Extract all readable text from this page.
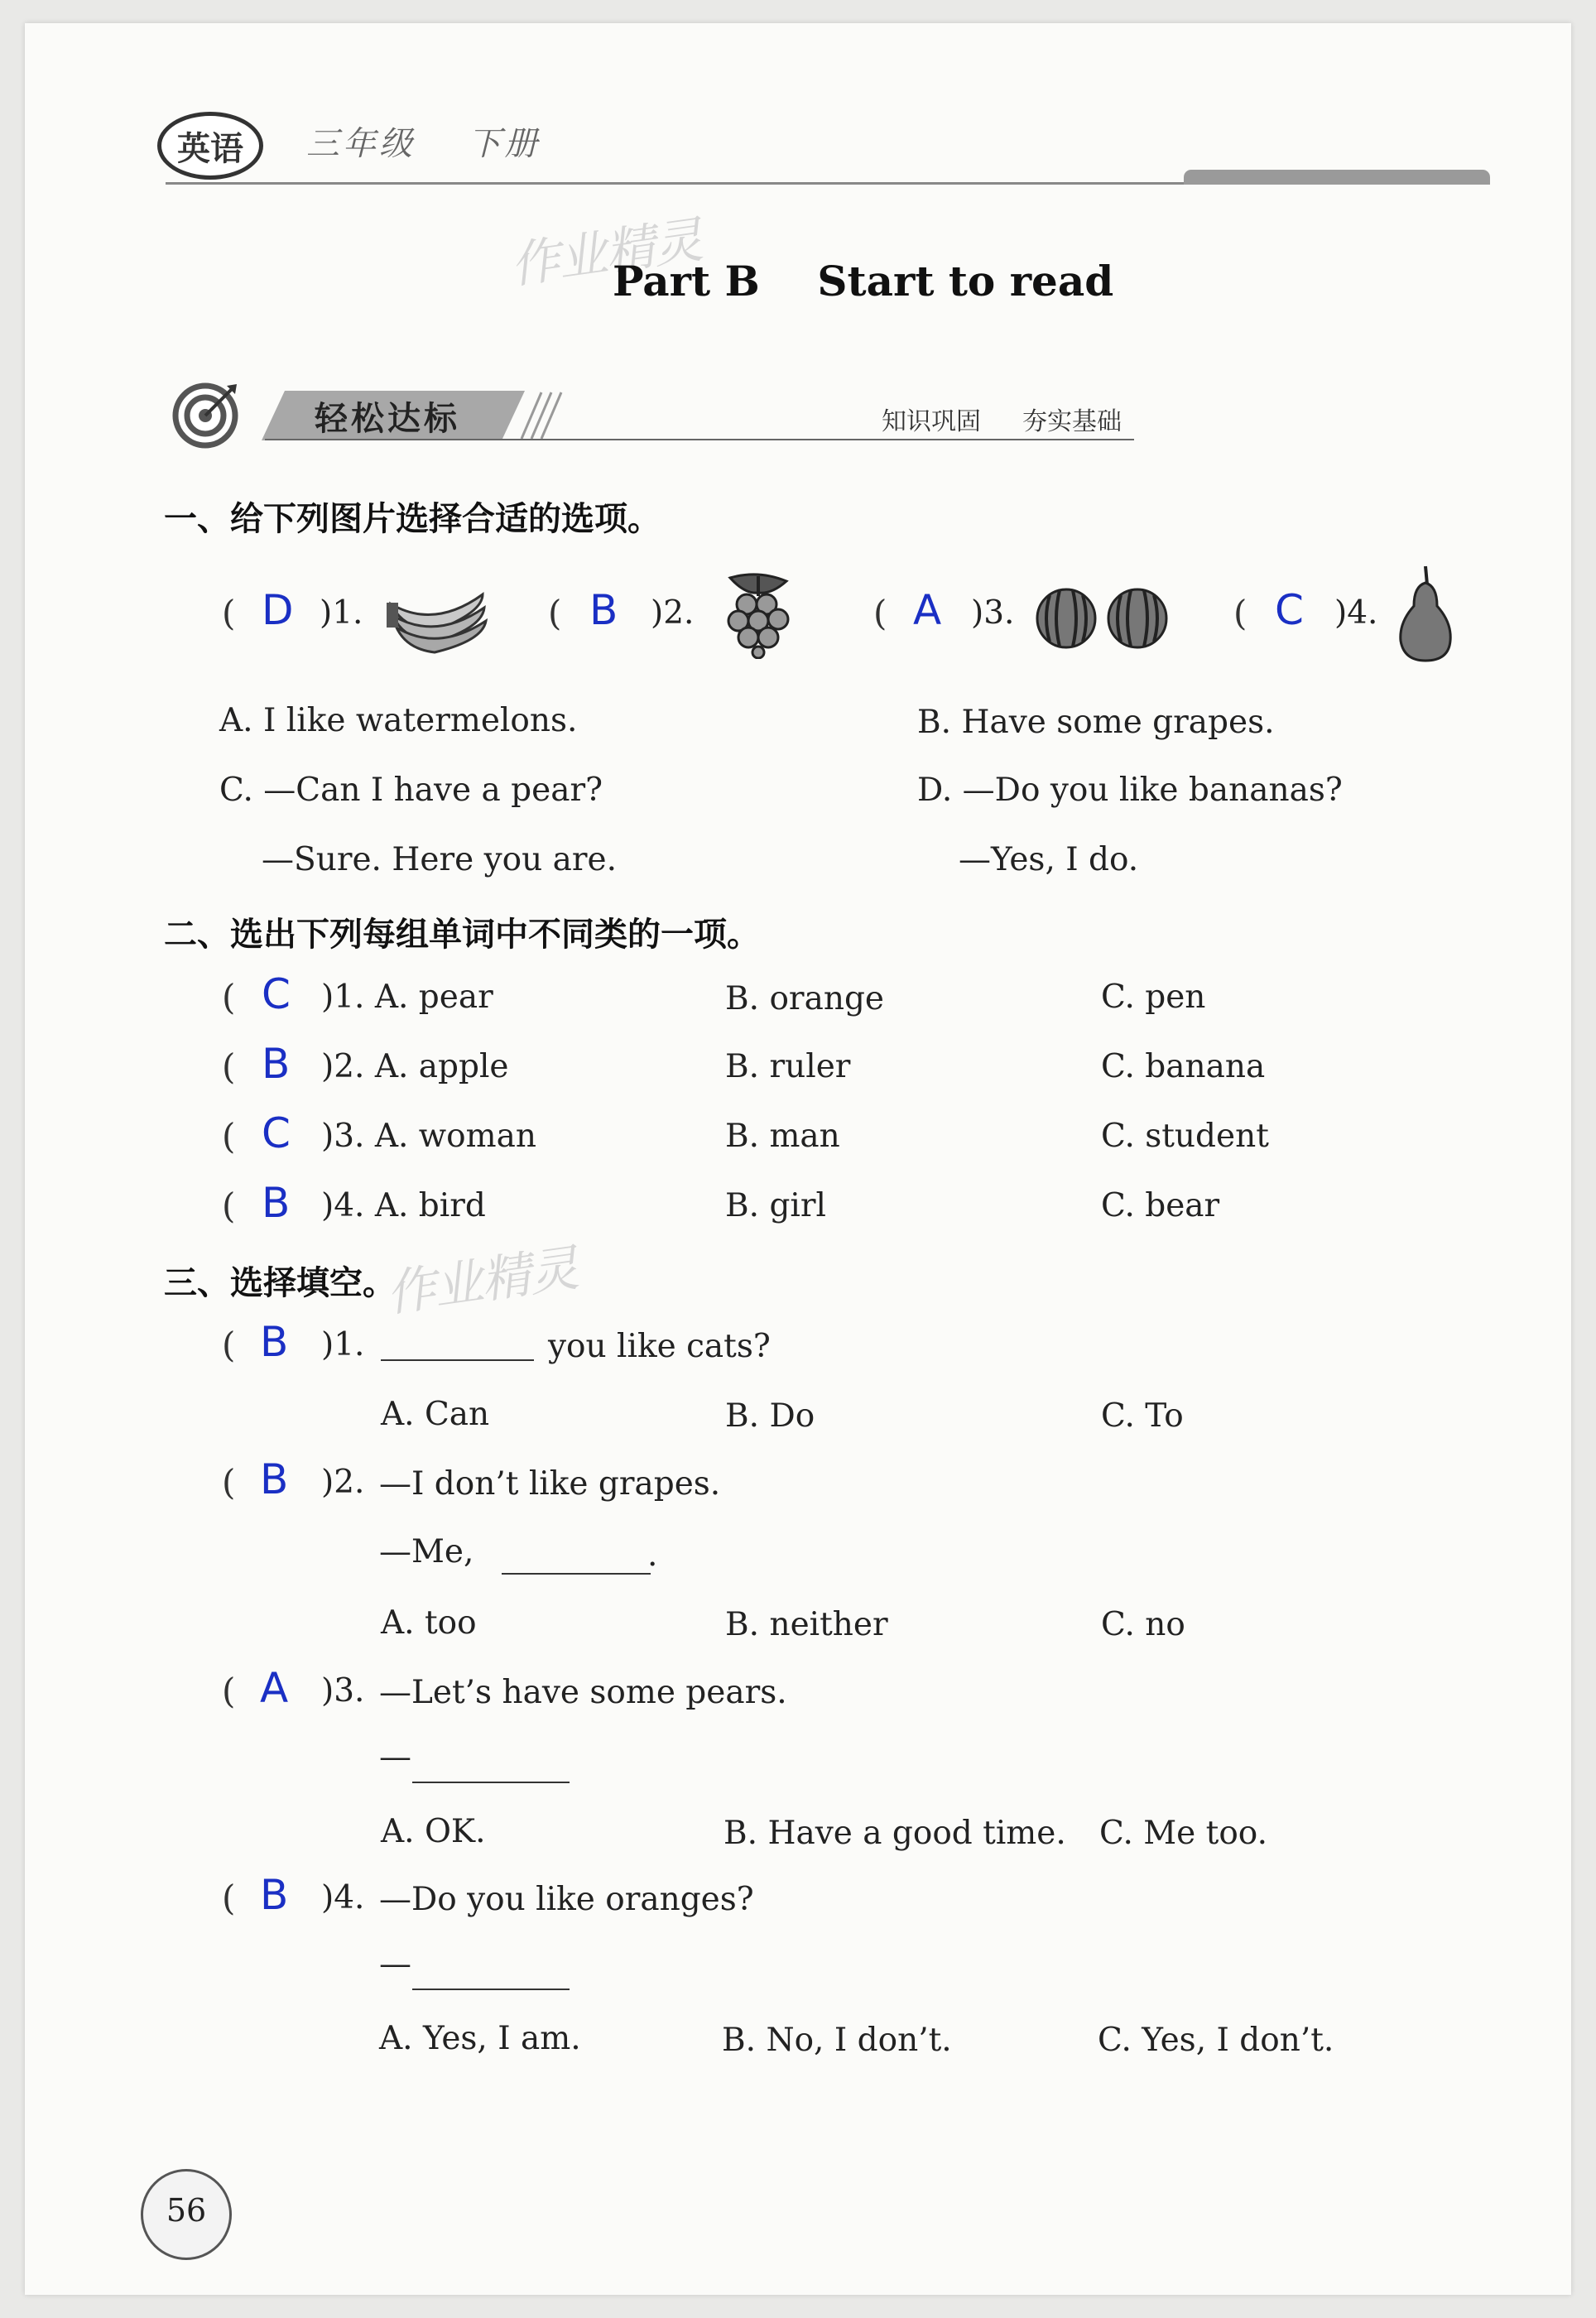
英语	三年级 下册
作业精灵
作业精灵
Part B    Start to read
轻松达标	知识巩固 夯实基础
一、给下列图片选择合适的选项。
( D )1.	( B )2.	( A )3.	( C )4.
A. I like watermelons.	B. Have some grapes.
C. —Can I have a pear?	D. —Do you like bananas?
—Sure. Here you are.	—Yes, I do.
二、选出下列每组单词中不同类的一项。
( C )1. A. pear	B. orange	C. pen
( B )2. A. apple	B. ruler	C. banana
( C )3. A. woman	B. man	C. student
( B )4. A. bird	B. girl	C. bear
三、选择填空。
( B )1.	you like cats?
A. Can	B. Do	C. To
( B )2. —I don’t like grapes.
—Me,	.
A. too	B. neither	C. no
( A )3. —Let’s have some pears.
—
A. OK.	B. Have a good time. C. Me too.
( B )4. —Do you like oranges?
—
A. Yes, I am.	B. No, I don’t.	C. Yes, I don’t.
56
